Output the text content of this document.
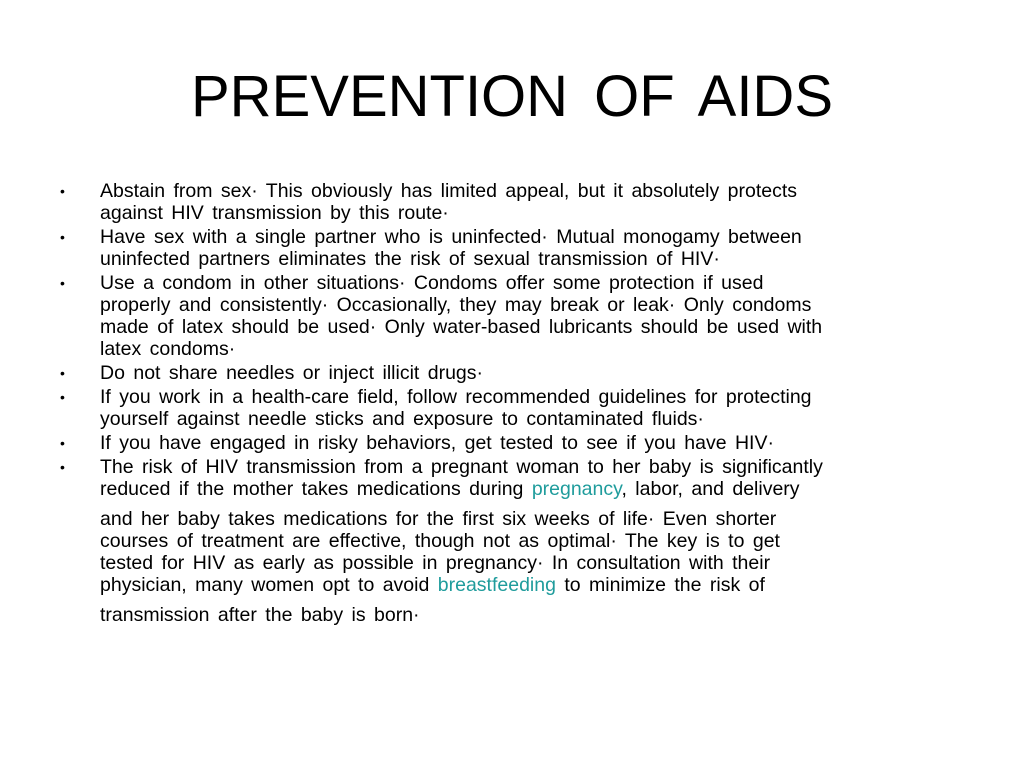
PREVENTION OF AIDS
•	Abstain from sex· This obviously has limited appeal, but it absolutely protects
against HIV transmission by this route·
•	Have sex with a single partner who is uninfected· Mutual monogamy between
uninfected partners eliminates the risk of sexual transmission of HIV·
•	Use a condom in other situations· Condoms offer some protection if used
properly and consistently· Occasionally, they may break or leak· Only condoms
made of latex should be used· Only water-based lubricants should be used with
latex condoms·
•	Do not share needles or inject illicit drugs·
•	If you work in a health-care field, follow recommended guidelines for protecting
yourself against needle sticks and exposure to contaminated fluids·
•	If you have engaged in risky behaviors, get tested to see if you have HIV·
•	The risk of HIV transmission from a pregnant woman to her baby is significantly
reduced if the mother takes medications during pregnancy, labor, and delivery
and her baby takes medications for the first six weeks of life· Even shorter
courses of treatment are effective, though not as optimal· The key is to get
tested for HIV as early as possible in pregnancy· In consultation with their
physician, many women opt to avoid breastfeeding to minimize the risk of
transmission after the baby is born·
